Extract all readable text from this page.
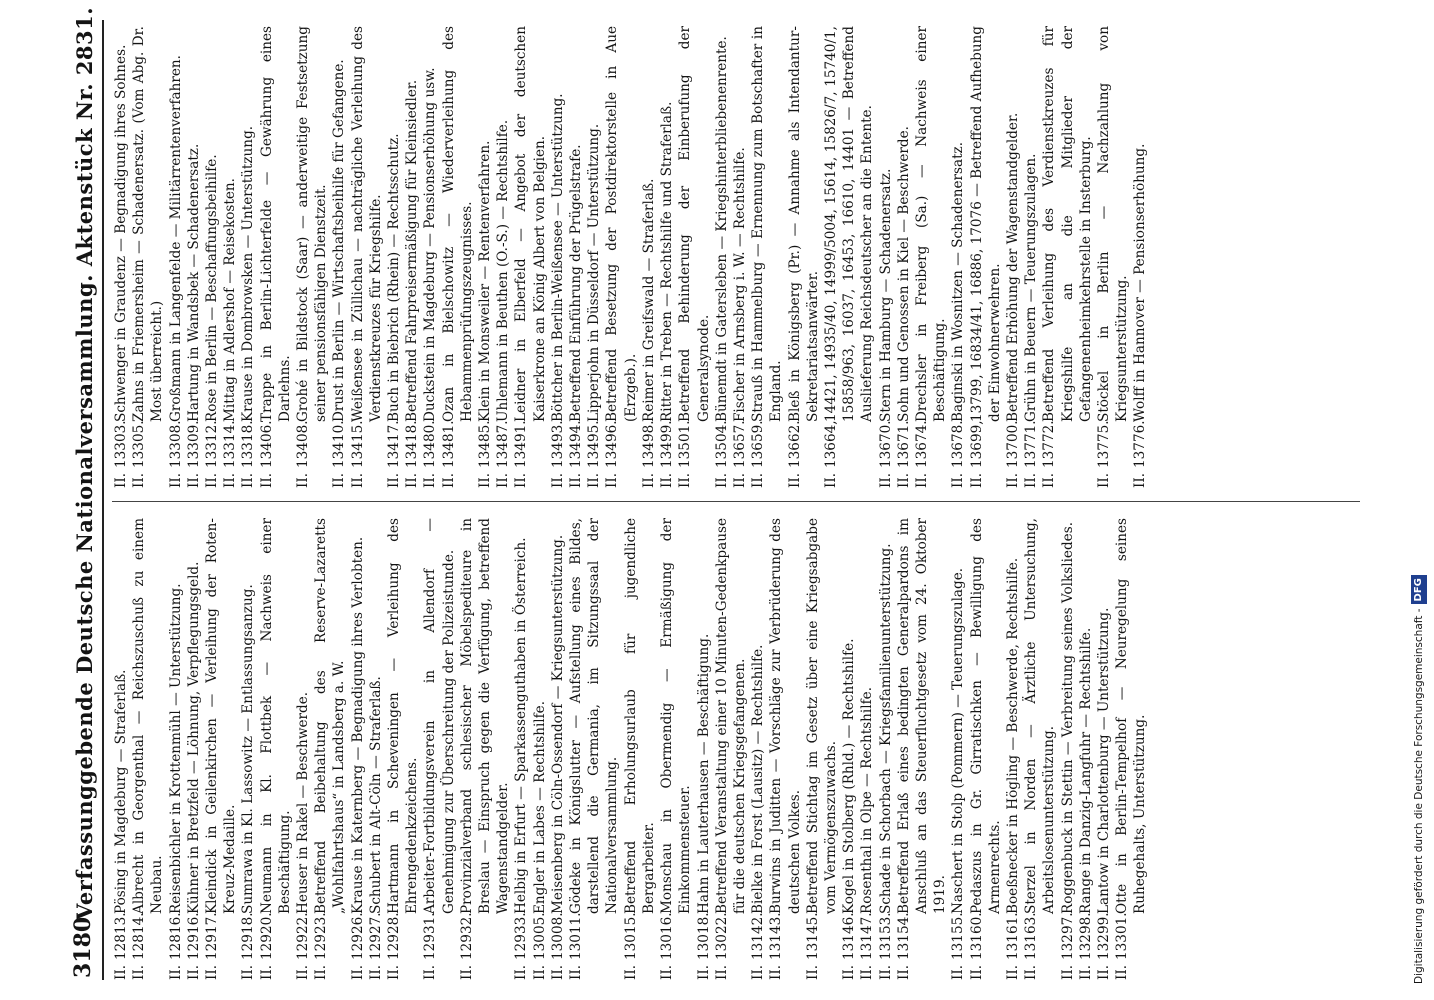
3180
Verfassunggebende Deutsche Nationalversammlung. Aktenstück Nr. 2831.
II.
12813.
Pösing in Magdeburg — Straferlaß.
II.
12814.
Albrecht in Georgenthal — Reichszuschuß zu einem Neubau.
II.
12816.
Reisenbichler in Krottenmühl — Unterstützung.
II.
12916.
Kühner in Bretzfeld — Löhnung, Verpflegungsgeld.
II.
12917.
Kleindick in Geilenkirchen — Verleihung der Roten-Kreuz-Medaille.
II.
12918.
Sumrawa in Kl. Lassowitz — Entlassungsanzug.
II.
12920.
Neumann in Kl. Flottbek — Nachweis einer Beschäftigung.
II.
12922.
Heuser in Rakel — Beschwerde.
II.
12923.
Betreffend Beibehaltung des Reserve-Lazaretts „Wohlfahrtshaus“ in Landsberg a. W.
II.
12926.
Krause in Katernberg — Begnadigung ihres Verlobten.
II.
12927.
Schubert in Alt-Cöln — Straferlaß.
II.
12928.
Hartmann in Scheveningen — Verleihung des Ehrengedenkzeichens.
II.
12931.
Arbeiter-Fortbildungsverein in Allendorf — Genehmigung zur Überschreitung der Polizeistunde.
II.
12932.
Provinzialverband schlesischer Möbelspediteure in Breslau — Einspruch gegen die Verfügung, betreffend Wagenstandgelder.
II.
12933.
Helbig in Erfurt — Sparkassenguthaben in Österreich.
II.
13005.
Engler in Labes — Rechtshilfe.
II.
13008.
Meisenberg in Cöln-Ossendorf — Kriegsunterstützung.
II.
13011.
Gödeke in Königslutter — Aufstellung eines Bildes, darstellend die Germania, im Sitzungssaal der Nationalversammlung.
II.
13015.
Betreffend Erholungsurlaub für jugendliche Bergarbeiter.
II.
13016.
Monschau in Obermendig — Ermäßigung der Einkommensteuer.
II.
13018.
Hahn in Lauterhausen — Beschäftigung.
II.
13022.
Betreffend Veranstaltung einer 10 Minuten-Gedenkpause für die deutschen Kriegsgefangenen.
II.
13142.
Bielke in Forst (Lausitz) — Rechtshilfe.
II.
13143.
Burwins in Juditten — Vorschläge zur Verbrüderung des deutschen Volkes.
II.
13145.
Betreffend Stichtag im Gesetz über eine Kriegsabgabe vom Vermögenszuwachs.
II.
13146.
Kogel in Stolberg (Rhld.) — Rechtshilfe.
II.
13147.
Rosenthal in Olpe — Rechtshilfe.
II.
13153.
Schade in Schorbach — Kriegsfamilienunterstützung.
II.
13154.
Betreffend Erlaß eines bedingten Generalpardons im Anschluß an das Steuerfluchtgesetz vom 24. Oktober 1919.
II.
13155.
Naschert in Stolp (Pommern) — Teuerungszulage.
II.
13160.
Pedaszus in Gr. Girratischken — Bewilligung des Armenrechts.
II.
13161.
Boeßnecker in Högling — Beschwerde, Rechtshilfe.
II.
13163.
Sterzel in Norden — Ärztliche Untersuchung, Arbeitslosenunterstützung.
II.
13297.
Roggenbuck in Stettin — Verbreitung seines Volksliedes.
II.
13298.
Range in Danzig-Langfuhr — Rechtshilfe.
II.
13299.
Lantow in Charlottenburg — Unterstützung.
II.
13301.
Otte in Berlin-Tempelhof — Neuregelung seines Ruhegehalts, Unterstützung.
II.
13303.
Schwenger in Graudenz — Begnadigung ihres Sohnes.
II.
13305.
Zahns in Friemersheim — Schadenersatz. (Vom Abg. Dr. Most überreicht.)
II.
13308.
Großmann in Langenfelde — Militärrentenverfahren.
II.
13309.
Hartung in Wandsbek — Schadenersatz.
II.
13312.
Rose in Berlin — Beschaffungsbeihilfe.
II.
13314.
Mittag in Adlershof — Reisekosten.
II.
13318.
Krause in Dombrowsken — Unterstützung.
II.
13406.
Trappe in Berlin-Lichterfelde — Gewährung eines Darlehns.
II.
13408.
Grohé in Bildstock (Saar) — anderweitige Festsetzung seiner pensionsfähigen Dienstzeit.
II.
13410.
Drust in Berlin — Wirtschaftsbeihilfe für Gefangene.
II.
13415.
Weißensee in Züllichau — nachträgliche Verleihung des Verdienstkreuzes für Kriegshilfe.
II.
13417.
Buch in Biebrich (Rhein) — Rechtsschutz.
II.
13418.
Betreffend Fahrpreisermäßigung für Kleinsiedler.
II.
13480.
Duckstein in Magdeburg — Pensionserhöhung usw.
II.
13481.
Ozan in Bielschowitz — Wiederverleihung des Hebammenprüfungszeugnisses.
II.
13485.
Klein in Monsweiler — Rentenverfahren.
II.
13487.
Uhlemann in Beuthen (O.-S.) — Rechtshilfe.
II.
13491.
Leidner in Elberfeld — Angebot der deutschen Kaiserkrone an König Albert von Belgien.
II.
13493.
Böttcher in Berlin-Weißensee — Unterstützung.
II.
13494.
Betreffend Einführung der Prügelstrafe.
II.
13495.
Lipperjohn in Düsseldorf — Unterstützung.
II.
13496.
Betreffend Besetzung der Postdirektorstelle in Aue (Erzgeb.).
II.
13498.
Reimer in Greifswald — Straferlaß.
II.
13499.
Ritter in Treben — Rechtshilfe und Straferlaß.
II.
13501.
Betreffend Behinderung der Einberufung der Generalsynode.
II.
13504.
Bünemdt in Gatersleben — Kriegshinterbliebenenrente.
II.
13657.
Fischer in Arnsberg i. W. — Rechtshilfe.
II.
13659.
Strauß in Hammelburg — Ernennung zum Botschafter in England.
II.
13662.
Bleß in Königsberg (Pr.) — Annahme als Intendantur-Sekretariatsanwärter.
II.
13664,
14421, 14935/40, 14999/5004, 15614, 15826/7, 15740/1, 15858/963, 16037, 16453, 16610, 14401 — Betreffend Auslieferung Reichsdeutscher an die Entente.
II.
13670.
Stern in Hamburg — Schadenersatz.
II.
13671.
Sohn und Genossen in Kiel — Beschwerde.
II.
13674.
Drechsler in Freiberg (Sa.) — Nachweis einer Beschäftigung.
II.
13678.
Baginski in Wosnitzen — Schadenersatz.
II.
13699,
13799, 16834/41, 16886, 17076 — Betreffend Aufhebung der Einwohnerwehren.
II.
13700.
Betreffend Erhöhung der Wagenstandgelder.
II.
13771.
Grühn in Beuern — Teuerungszulagen.
II.
13772.
Betreffend Verleihung des Verdienstkreuzes für Kriegshilfe an die Mitglieder der Gefangenenheimkehrstelle in Insterburg.
II.
13775.
Stöckel in Berlin — Nachzahlung von Kriegsunterstützung.
II.
13776.
Wolff in Hannover — Pensionserhöhung.
Digitalisierung gefördert durch die Deutsche Forschungsgemeinschaft -
DFG
